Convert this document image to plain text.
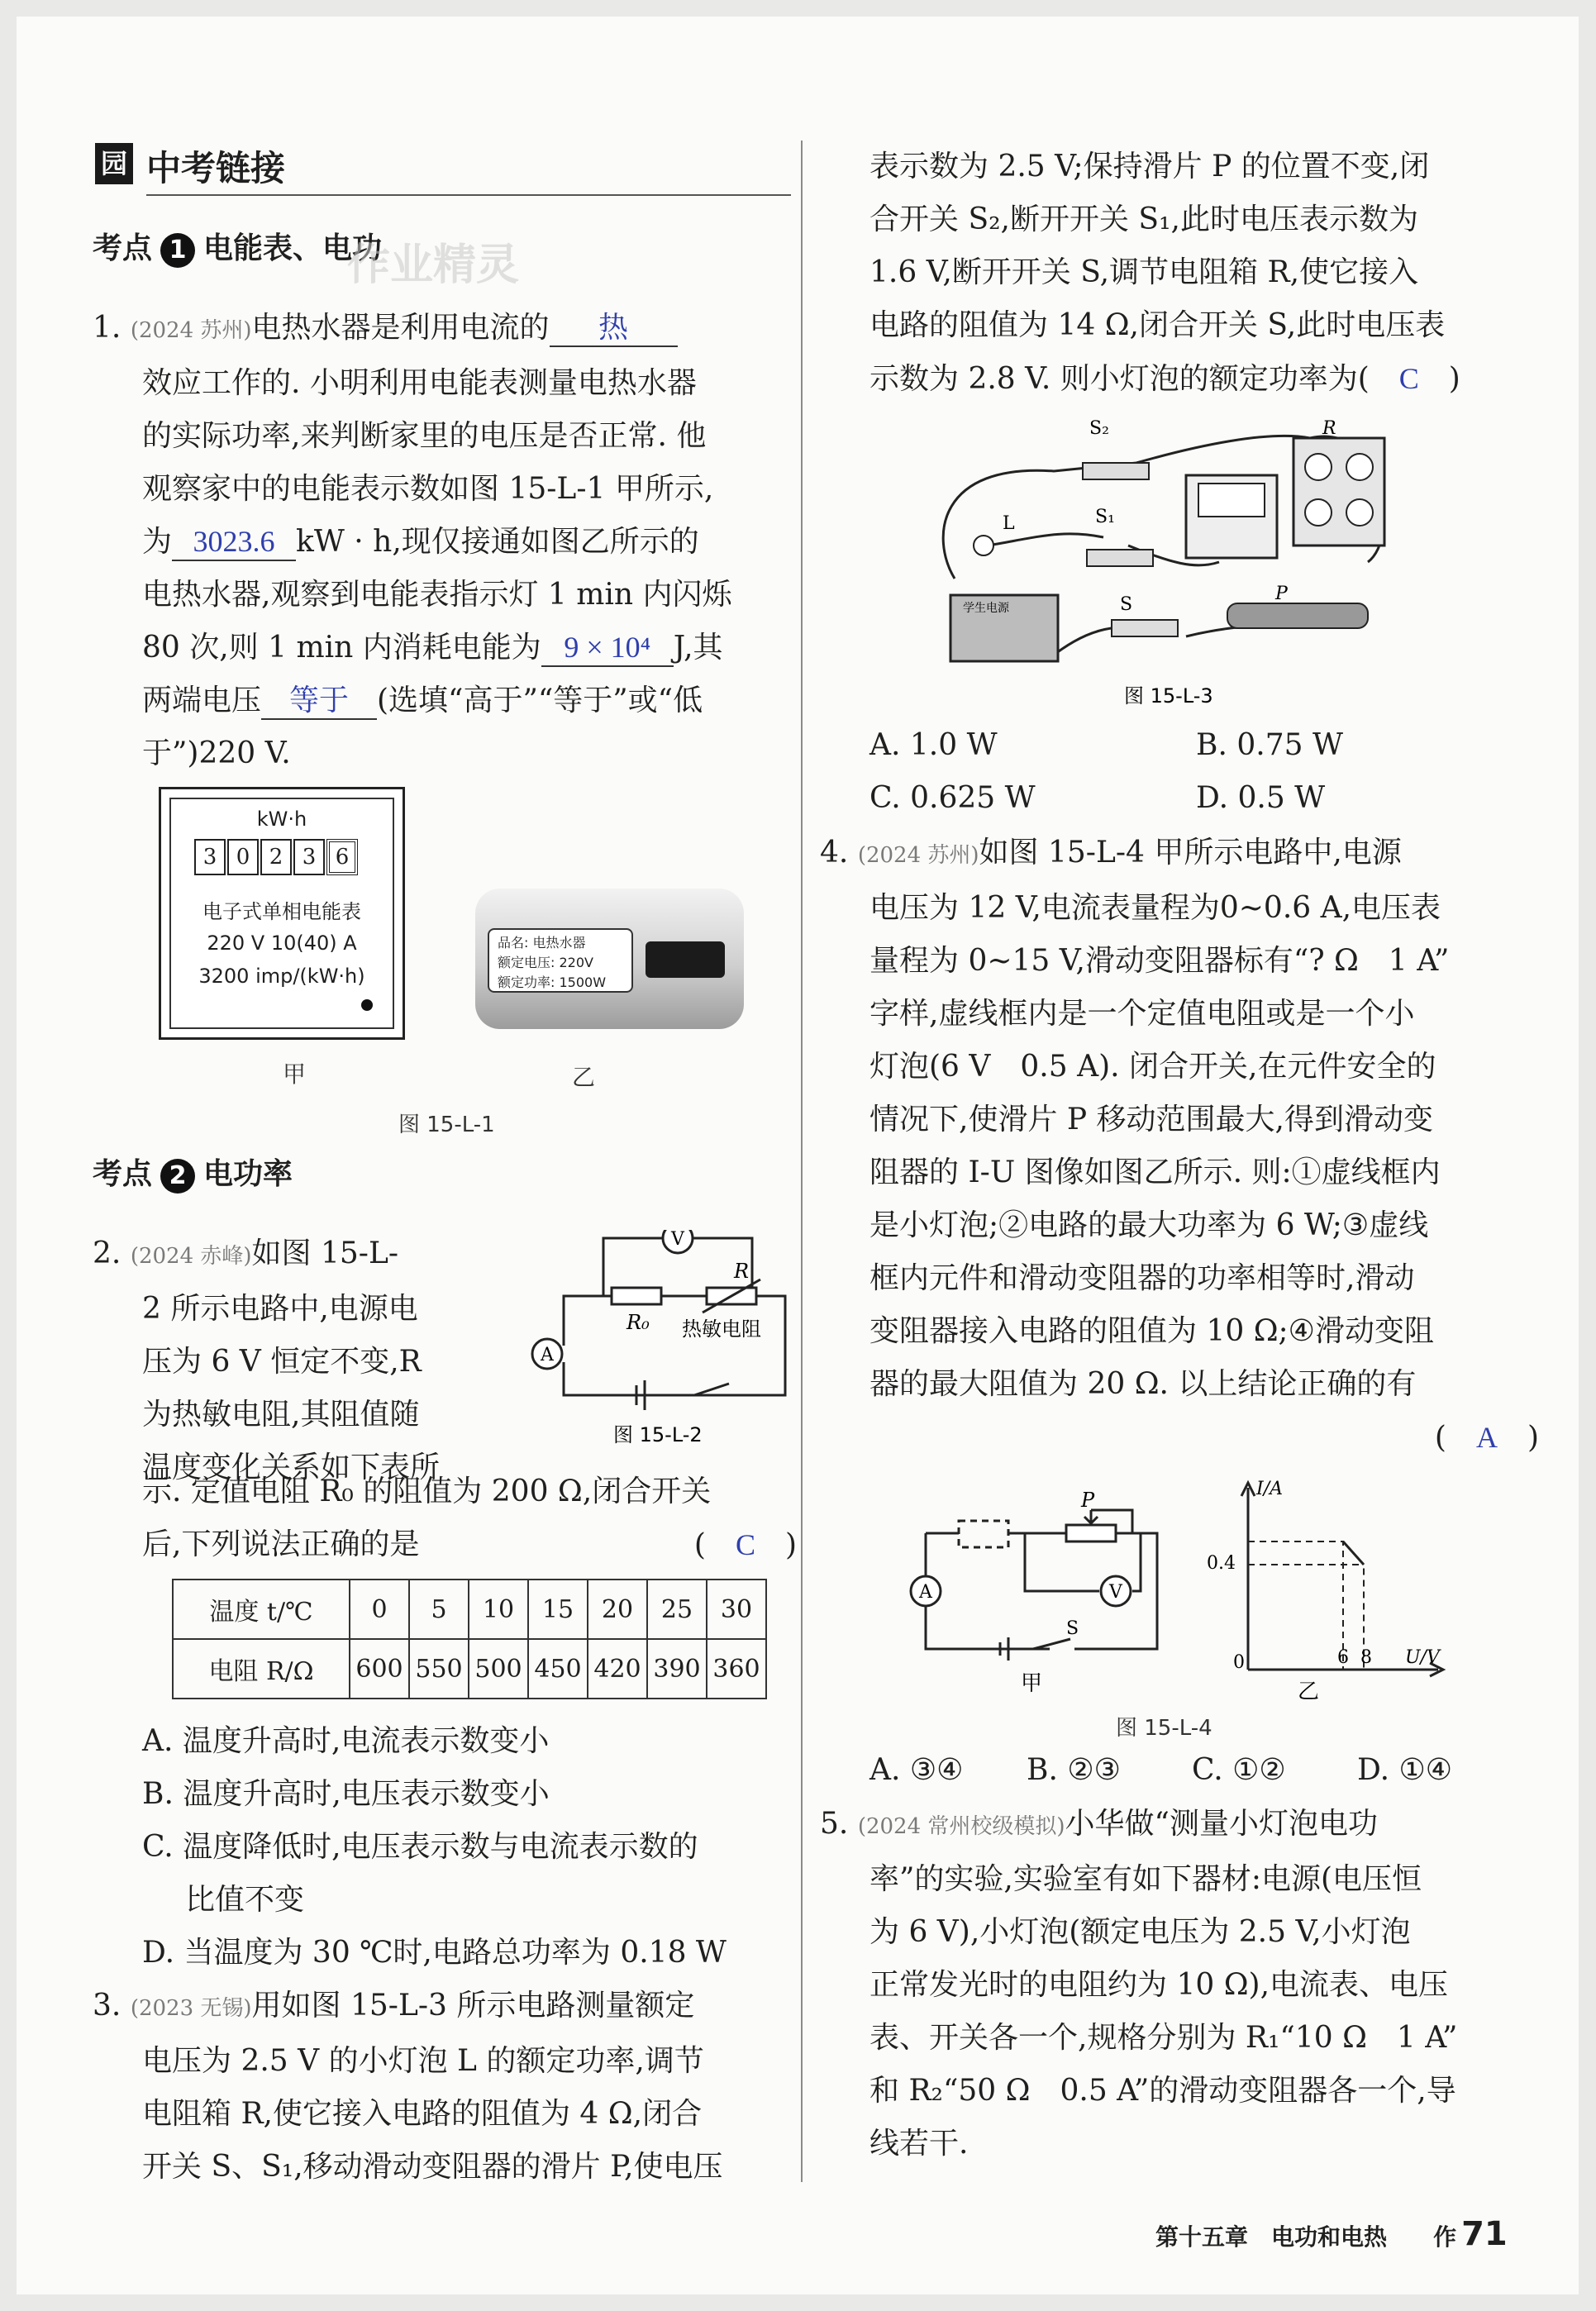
园 中考链接
考点 1 电能表、电功
作业精灵
1. (2024 苏州)电热水器是利用电流的 热
效应工作的. 小明利用电能表测量电热水器
的实际功率,来判断家里的电压是否正常. 他
观察家中的电能表示数如图 15-L-1 甲所示,
为 3023.6 kW · h,现仅接通如图乙所示的
电热水器,观察到电能表指示灯 1 min 内闪烁
80 次,则 1 min 内消耗电能为 9 × 10⁴ J,其
两端电压 等于 (选填“高于”“等于”或“低
于”)220 V.
kW·h
3 0 2 3 6
电子式单相电能表
220 V 10(40) A
3200 imp/(kW·h)
品名: 电热水器
额定电压: 220V
额定功率: 1500W
甲	乙
图 15-L-1
考点 2 电功率
2. (2024 赤峰)如图 15-L-
2 所示电路中,电源电
压为 6 V 恒定不变,R
为热敏电阻,其阻值随
温度变化关系如下表所
示. 定值电阻 R₀ 的阻值为 200 Ω,闭合开关
后,下列说法正确的是	(　C　)
V
A
R₀
R
热敏电阻
图 15-L-2
温度 t/℃	0	5	10	15	20	25	30
电阻 R/Ω	600	550	500	450	420	390	360
A. 温度升高时,电流表示数变小
B. 温度升高时,电压表示数变小
C. 温度降低时,电压表示数与电流表示数的
比值不变
D. 当温度为 30 ℃时,电路总功率为 0.18 W
3. (2023 无锡)用如图 15-L-3 所示电路测量额定
电压为 2.5 V 的小灯泡 L 的额定功率,调节
电阻箱 R,使它接入电路的阻值为 4 Ω,闭合
开关 S、S₁,移动滑动变阻器的滑片 P,使电压
表示数为 2.5 V;保持滑片 P 的位置不变,闭
合开关 S₂,断开开关 S₁,此时电压表示数为
1.6 V,断开开关 S,调节电阻箱 R,使它接入
电路的阻值为 14 Ω,闭合开关 S,此时电压表
示数为 2.8 V. 则小灯泡的额定功率为(　C　)
S₂
S₁
S
L
R
P
学生电源
图 15-L-3
A. 1.0 W	B. 0.75 W
C. 0.625 W	D. 0.5 W
4. (2024 苏州)如图 15-L-4 甲所示电路中,电源
电压为 12 V,电流表量程为0~0.6 A,电压表
量程为 0~15 V,滑动变阻器标有“? Ω　1 A”
字样,虚线框内是一个定值电阻或是一个小
灯泡(6 V　0.5 A). 闭合开关,在元件安全的
情况下,使滑片 P 移动范围最大,得到滑动变
阻器的 I-U 图像如图乙所示. 则:①虚线框内
是小灯泡;②电路的最大功率为 6 W;③虚线
框内元件和滑动变阻器的功率相等时,滑动
变阻器接入电路的阻值为 10 Ω;④滑动变阻
器的最大阻值为 20 Ω. 以上结论正确的有
(　A　)
A	V
P
S
甲
I/A
U/V
0.4
6 8
0
乙
图 15-L-4
A. ③④ B. ②③ C. ①② D. ①④
5. (2024 常州校级模拟)小华做“测量小灯泡电功
率”的实验,实验室有如下器材:电源(电压恒
为 6 V),小灯泡(额定电压为 2.5 V,小灯泡
正常发光时的电阻约为 10 Ω),电流表、电压
表、开关各一个,规格分别为 R₁“10 Ω　1 A”
和 R₂“50 Ω　0.5 A”的滑动变阻器各一个,导
线若干.
第十五章　 电功和电热　　 作 71
